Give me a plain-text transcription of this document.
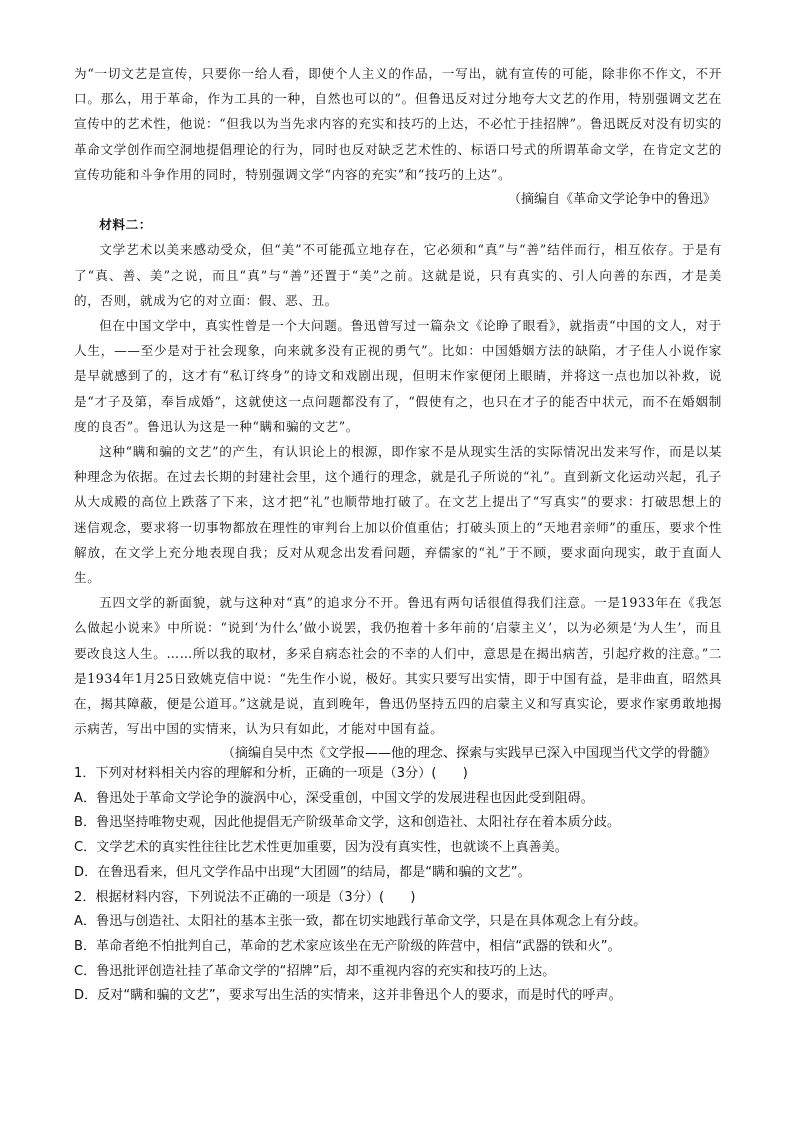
为“一切文艺是宣传，只要你一给人看，即使个人主义的作品，一写出，就有宣传的可能，除非你不作文，不开口。那么，用于革命，作为工具的一种，自然也可以的”。但鲁迅反对过分地夸大文艺的作用，特别强调文艺在宣传中的艺术性，他说：“但我以为当先求内容的充实和技巧的上达，不必忙于挂招牌”。鲁迅既反对没有切实的革命文学创作而空洞地提倡理论的行为，同时也反对缺乏艺术性的、标语口号式的所谓革命文学，在肯定文艺的宣传功能和斗争作用的同时，特别强调文学“内容的充实”和“技巧的上达”。

（摘编自《革命文学论争中的鲁迅》

材料二：

文学艺术以美来感动受众，但“美”不可能孤立地存在，它必须和“真”与“善”结伴而行，相互依存。于是有了“真、善、美”之说，而且“真”与“善”还置于“美”之前。这就是说，只有真实的、引人向善的东西，才是美的，否则，就成为它的对立面：假、恶、丑。

但在中国文学中，真实性曾是一个大问题。鲁迅曾写过一篇杂文《论睁了眼看》，就指责“中国的文人，对于人生，——至少是对于社会现象，向来就多没有正视的勇气”。比如：中国婚姻方法的缺陷，才子佳人小说作家是早就感到了的，这才有“私订终身”的诗文和戏剧出现，但明末作家便闭上眼睛，并将这一点也加以补救，说是“才子及第，奉旨成婚”，这就使这一点问题都没有了，“假使有之，也只在才子的能否中状元，而不在婚姻制度的良否”。鲁迅认为这是一种“瞒和骗的文艺”。

这种“瞒和骗的文艺”的产生，有认识论上的根源，即作家不是从现实生活的实际情况出发来写作，而是以某种理念为依据。在过去长期的封建社会里，这个通行的理念，就是孔子所说的“礼”。直到新文化运动兴起，孔子从大成殿的高位上跌落了下来，这才把“礼”也顺带地打破了。在文艺上提出了“写真实”的要求：打破思想上的迷信观念，要求将一切事物都放在理性的审判台上加以价值重估；打破头顶上的“天地君亲师”的重压，要求个性解放，在文学上充分地表现自我；反对从观念出发看问题，弃儒家的“礼”于不顾，要求面向现实，敢于直面人生。

五四文学的新面貌，就与这种对“真”的追求分不开。鲁迅有两句话很值得我们注意。一是1933年在《我怎么做起小说来》中所说：“说到‘为什么’做小说罢，我仍抱着十多年前的‘启蒙主义’，以为必须是‘为人生’，而且要改良这人生。……所以我的取材，多采自病态社会的不幸的人们中，意思是在揭出病苦，引起疗救的注意。”二是1934年1月25日致姚克信中说：“先生作小说，极好。其实只要写出实情，即于中国有益，是非曲直，昭然具在，揭其障蔽，便是公道耳。”这就是说，直到晚年，鲁迅仍坚持五四的启蒙主义和写真实论，要求作家勇敢地揭示病苦，写出中国的实情来，认为只有如此，才能对中国有益。

（摘编自吴中杰《文学报——他的理念、探索与实践早已深入中国现当代文学的骨髓》

1．下列对材料相关内容的理解和分析，正确的一项是（3分）(　　)

A．鲁迅处于革命文学论争的漩涡中心，深受重创，中国文学的发展进程也因此受到阻碍。

B．鲁迅坚持唯物史观，因此他提倡无产阶级革命文学，这和创造社、太阳社存在着本质分歧。

C．文学艺术的真实性往往比艺术性更加重要，因为没有真实性，也就谈不上真善美。

D．在鲁迅看来，但凡文学作品中出现“大团圆”的结局，都是“瞒和骗的文艺”。

2．根据材料内容，下列说法不正确的一项是（3分）(　　)

A．鲁迅与创造社、太阳社的基本主张一致，都在切实地践行革命文学，只是在具体观念上有分歧。

B．革命者绝不怕批判自己，革命的艺术家应该坐在无产阶级的阵营中，相信“武器的铁和火”。

C．鲁迅批评创造社挂了革命文学的“招牌”后，却不重视内容的充实和技巧的上达。

D．反对“瞒和骗的文艺”，要求写出生活的实情来，这并非鲁迅个人的要求，而是时代的呼声。
